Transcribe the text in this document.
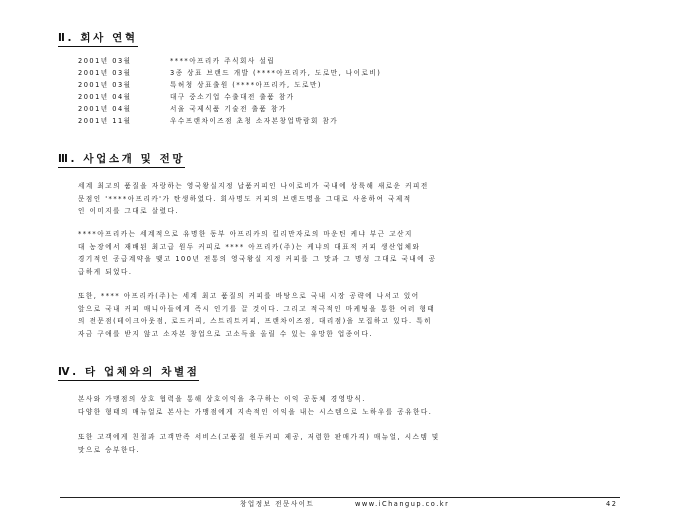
Ⅱ. 회사 연혁
2001년 03월	****아프리카 주식회사 설립
2001년 03월	3종 상표 브랜드 개발 (****아프리카, 도로만, 나이로비)
2001년 03월	특허청 상표출원 (****아프리카, 도로만)
2001년 04월	대구 중소기업 수출대전 출품 참가
2001년 04월	서울 국제식품 기술전 출품 참가
2001년 11월	우수프랜차이즈점 초청 소자본창업박람회 참가
Ⅲ. 사업소개 및 전망
세계 최고의 품질을 자랑하는 영국왕실지정 납품커피인 나이로비가 국내에 상륙해 새로운 커피전
문점인 '****아프리카'가 탄생하였다. 회사명도 커피의 브랜드명을 그대로 사용하여 국제적
인 이미지를 그대로 살렸다.
****아프리카는 세계적으로 유명한 동부 아프리카의 킬리만자로의 마운틴 케냐 부근 고산지
대 농장에서 재배된 최고급 원두 커피로 **** 아프리카(주)는 케냐의 대표적 커피 생산업체와
경기적인 공급계약을 맺고 100년 전통의 영국왕실 지정 커피를 그 맛과 그 명성 그대로 국내에 공
급하게 되었다.
또한, **** 아프리카(주)는 세계 최고 품질의 커피를 바탕으로 국내 시장 공략에 나서고 있어
앞으로 국내 커피 매니아들에게 즉시 인기를 끌 것이다. 그리고 적극적인 마케팅을 통한 여러 형태
의 전문점(테이크아웃점, 로드커피, 스트리트커피, 프랜차이즈점, 대리점)을 모집하고 있다. 특히
자금 구애를 받지 않고 소자본 창업으로 고소득을 올릴 수 있는 유망한 업종이다.
Ⅳ. 타 업체와의 차별점
본사와 가맹점의 상호 협력을 통해 상호이익을 추구하는 이익 공동체 경영방식.
다양한 형태의 매뉴얼로 본사는 가맹점에게 지속적인 이익을 내는 시스템으로 노하우를 공유한다.
또한 고객에게 친절과 고객만족 서비스(고품질 원두커피 제공, 저렴한 판매가격) 매뉴얼, 시스템 및
맛으로 승부한다.
창업정보 전문사이트	www.iChangup.co.kr	42
